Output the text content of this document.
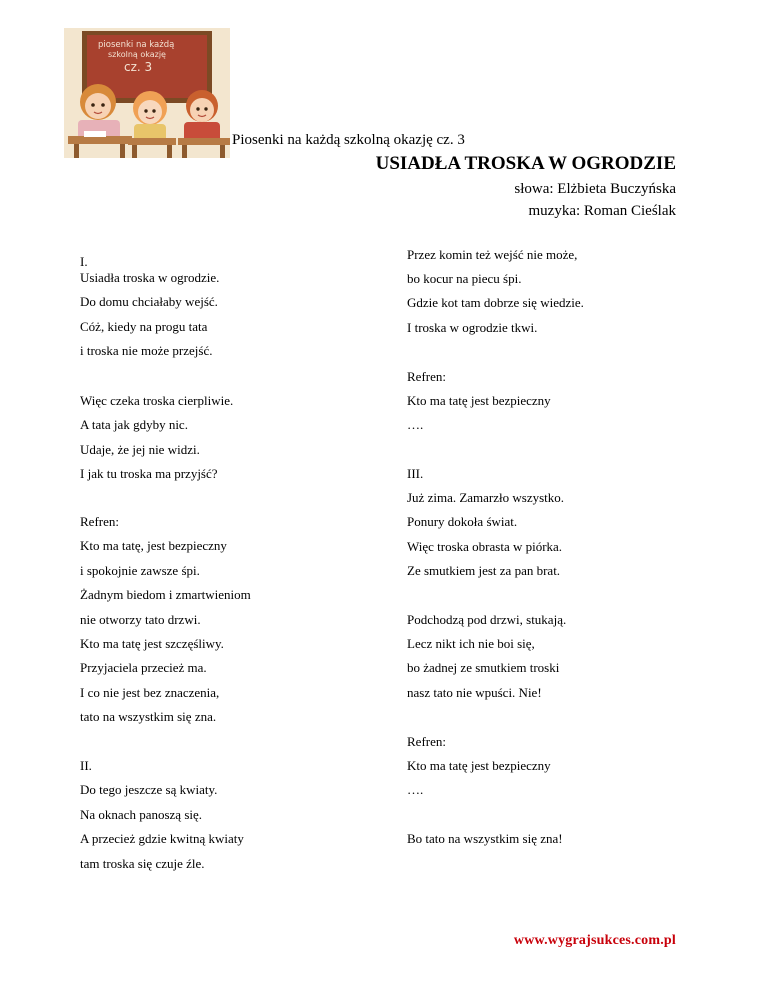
piosenki na każdą
szkolną okazję
cz. 3
Piosenki na każdą szkolną okazję cz. 3
USIADŁA TROSKA W OGRODZIE
słowa: Elżbieta Buczyńska
muzyka: Roman Cieślak
I.
Usiadła troska w ogrodzie.
Do domu chciałaby wejść.
Cóż, kiedy na progu tata
i troska nie może przejść.
Więc czeka troska cierpliwie.
A tata jak gdyby nic.
Udaje, że jej nie widzi.
I jak tu troska ma przyjść?
Refren:
Kto ma tatę, jest bezpieczny
i spokojnie zawsze śpi.
Żadnym biedom i zmartwieniom
nie otworzy tato drzwi.
Kto ma tatę jest szczęśliwy.
Przyjaciela przecież ma.
I co nie jest bez znaczenia,
tato na wszystkim się zna.
II.
Do tego jeszcze są kwiaty.
Na oknach panoszą się.
A przecież gdzie kwitną kwiaty
tam troska się czuje źle.
Przez komin też wejść nie może,
bo kocur na piecu śpi.
Gdzie kot tam dobrze się wiedzie.
I troska w ogrodzie tkwi.
Refren:
Kto ma tatę jest bezpieczny
….
III.
Już zima. Zamarzło wszystko.
Ponury dokoła świat.
Więc troska obrasta w piórka.
Ze smutkiem jest za pan brat.
Podchodzą pod drzwi, stukają.
Lecz nikt ich nie boi się,
bo żadnej ze smutkiem troski
nasz tato nie wpuści. Nie!
Refren:
Kto ma tatę jest bezpieczny
….
Bo tato na wszystkim się zna!
www.wygrajsukces.com.pl
